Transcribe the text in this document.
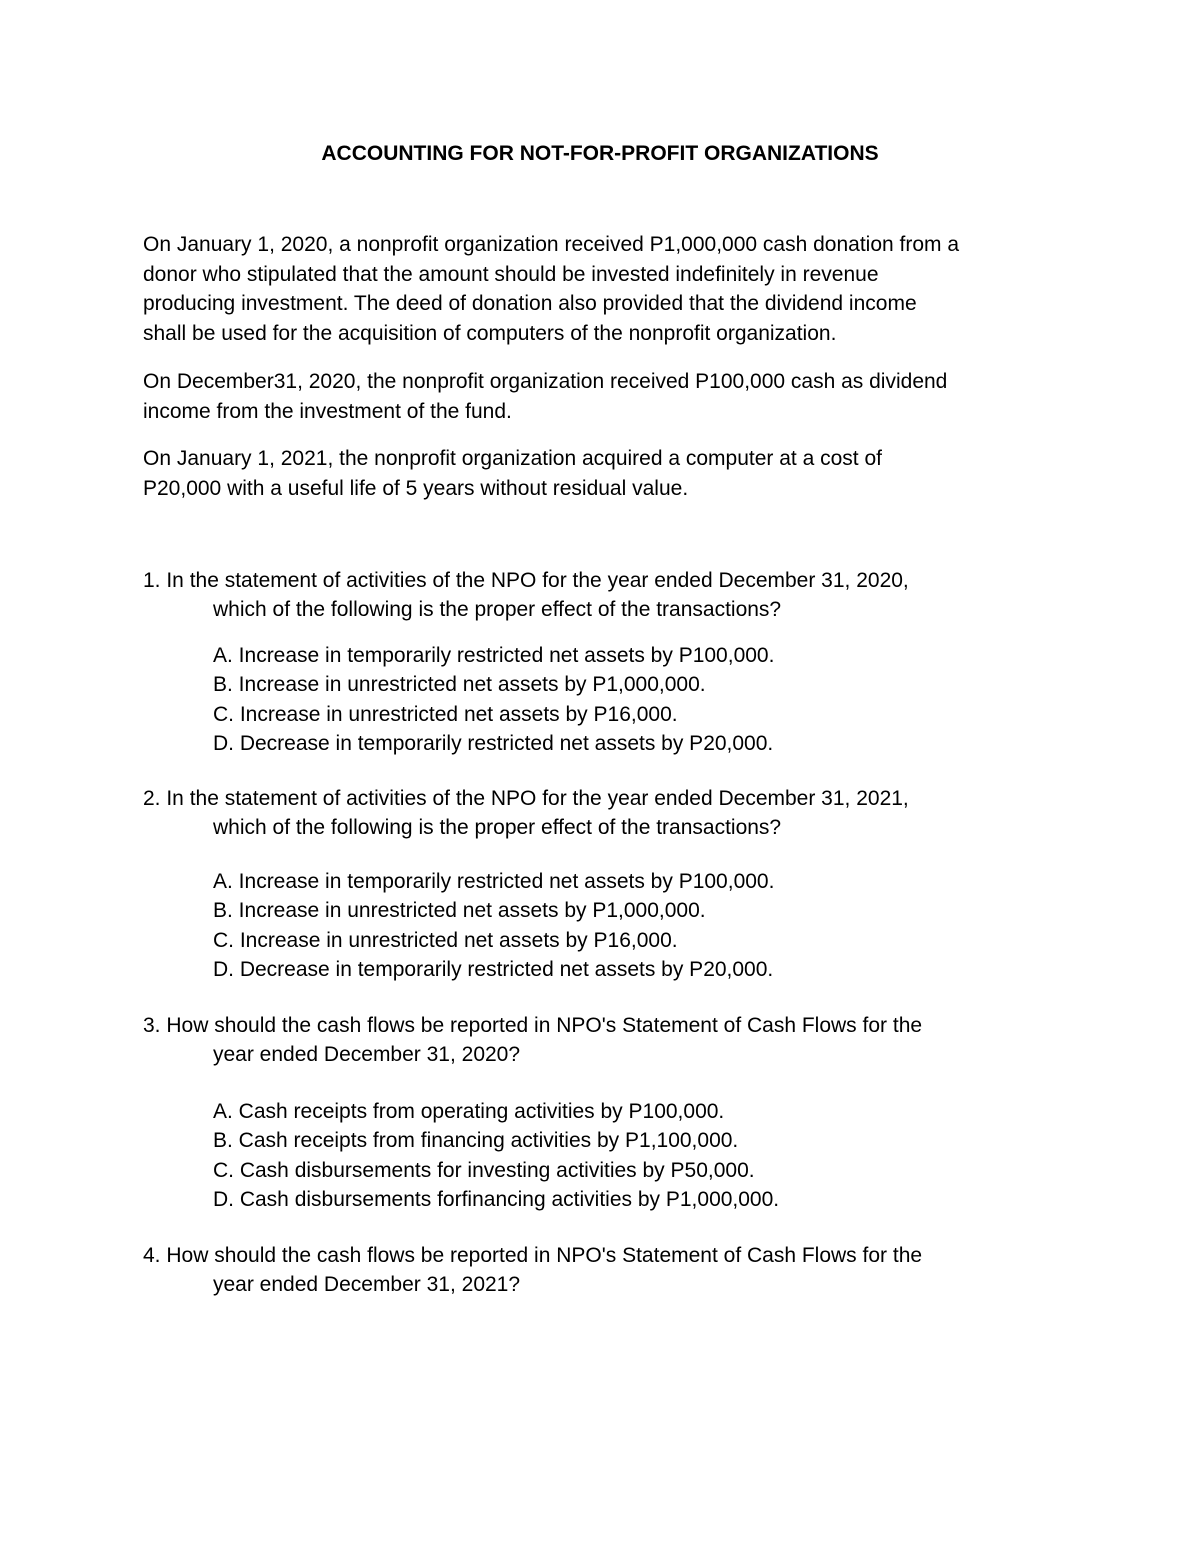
ACCOUNTING FOR NOT-FOR-PROFIT ORGANIZATIONS
On January 1, 2020, a nonprofit organization received P1,000,000 cash donation from a
donor who stipulated that the amount should be invested indefinitely in revenue
producing investment. The deed of donation also provided that the dividend income
shall be used for the acquisition of computers of the nonprofit organization.
On December31, 2020, the nonprofit organization received P100,000 cash as dividend
income from the investment of the fund.
On January 1, 2021, the nonprofit organization acquired a computer at a cost of
P20,000 with a useful life of 5 years without residual value.
1. In the statement of activities of the NPO for the year ended December 31, 2020,
which of the following is the proper effect of the transactions?
A. Increase in temporarily restricted net assets by P100,000.
B. Increase in unrestricted net assets by P1,000,000.
C. Increase in unrestricted net assets by P16,000.
D. Decrease in temporarily restricted net assets by P20,000.
2. In the statement of activities of the NPO for the year ended December 31, 2021,
which of the following is the proper effect of the transactions?
A. Increase in temporarily restricted net assets by P100,000.
B. Increase in unrestricted net assets by P1,000,000.
C. Increase in unrestricted net assets by P16,000.
D. Decrease in temporarily restricted net assets by P20,000.
3. How should the cash flows be reported in NPO's Statement of Cash Flows for the
year ended December 31, 2020?
A. Cash receipts from operating activities by P100,000.
B. Cash receipts from financing activities by P1,100,000.
C. Cash disbursements for investing activities by P50,000.
D. Cash disbursements forfinancing activities by P1,000,000.
4. How should the cash flows be reported in NPO's Statement of Cash Flows for the
year ended December 31, 2021?
